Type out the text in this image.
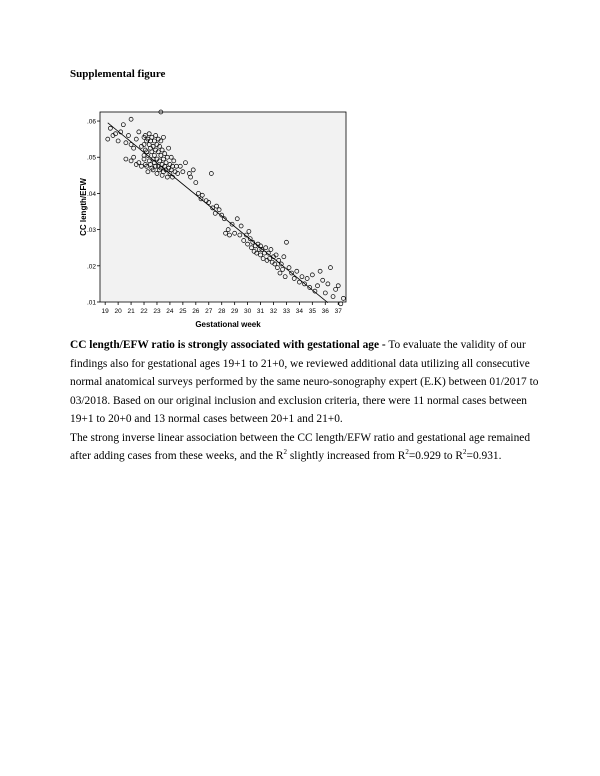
Supplemental figure
.01
.02
.03
.04
.05
.06
19 20 21 22 23 24 25 26 27 28 29 30 31 32 33 34 35 36 37
Gestational week
CC length/EFW

CC length/EFW ratio is strongly associated with gestational age - To evaluate the validity of our findings also for gestational ages 19+1 to 21+0, we reviewed additional data utilizing all consecutive normal anatomical surveys performed by the same neuro-sonography expert (E.K) between 01/2017 to 03/2018. Based on our original inclusion and exclusion criteria, there were 11 normal cases between 19+1 to 20+0 and 13 normal cases between 20+1 and 21+0.

The strong inverse linear association between the CC length/EFW ratio and gestational age remained after adding cases from these weeks, and the $R^2$ slightly increased from $R^2=0.929$ to $R^2=0.931$.
